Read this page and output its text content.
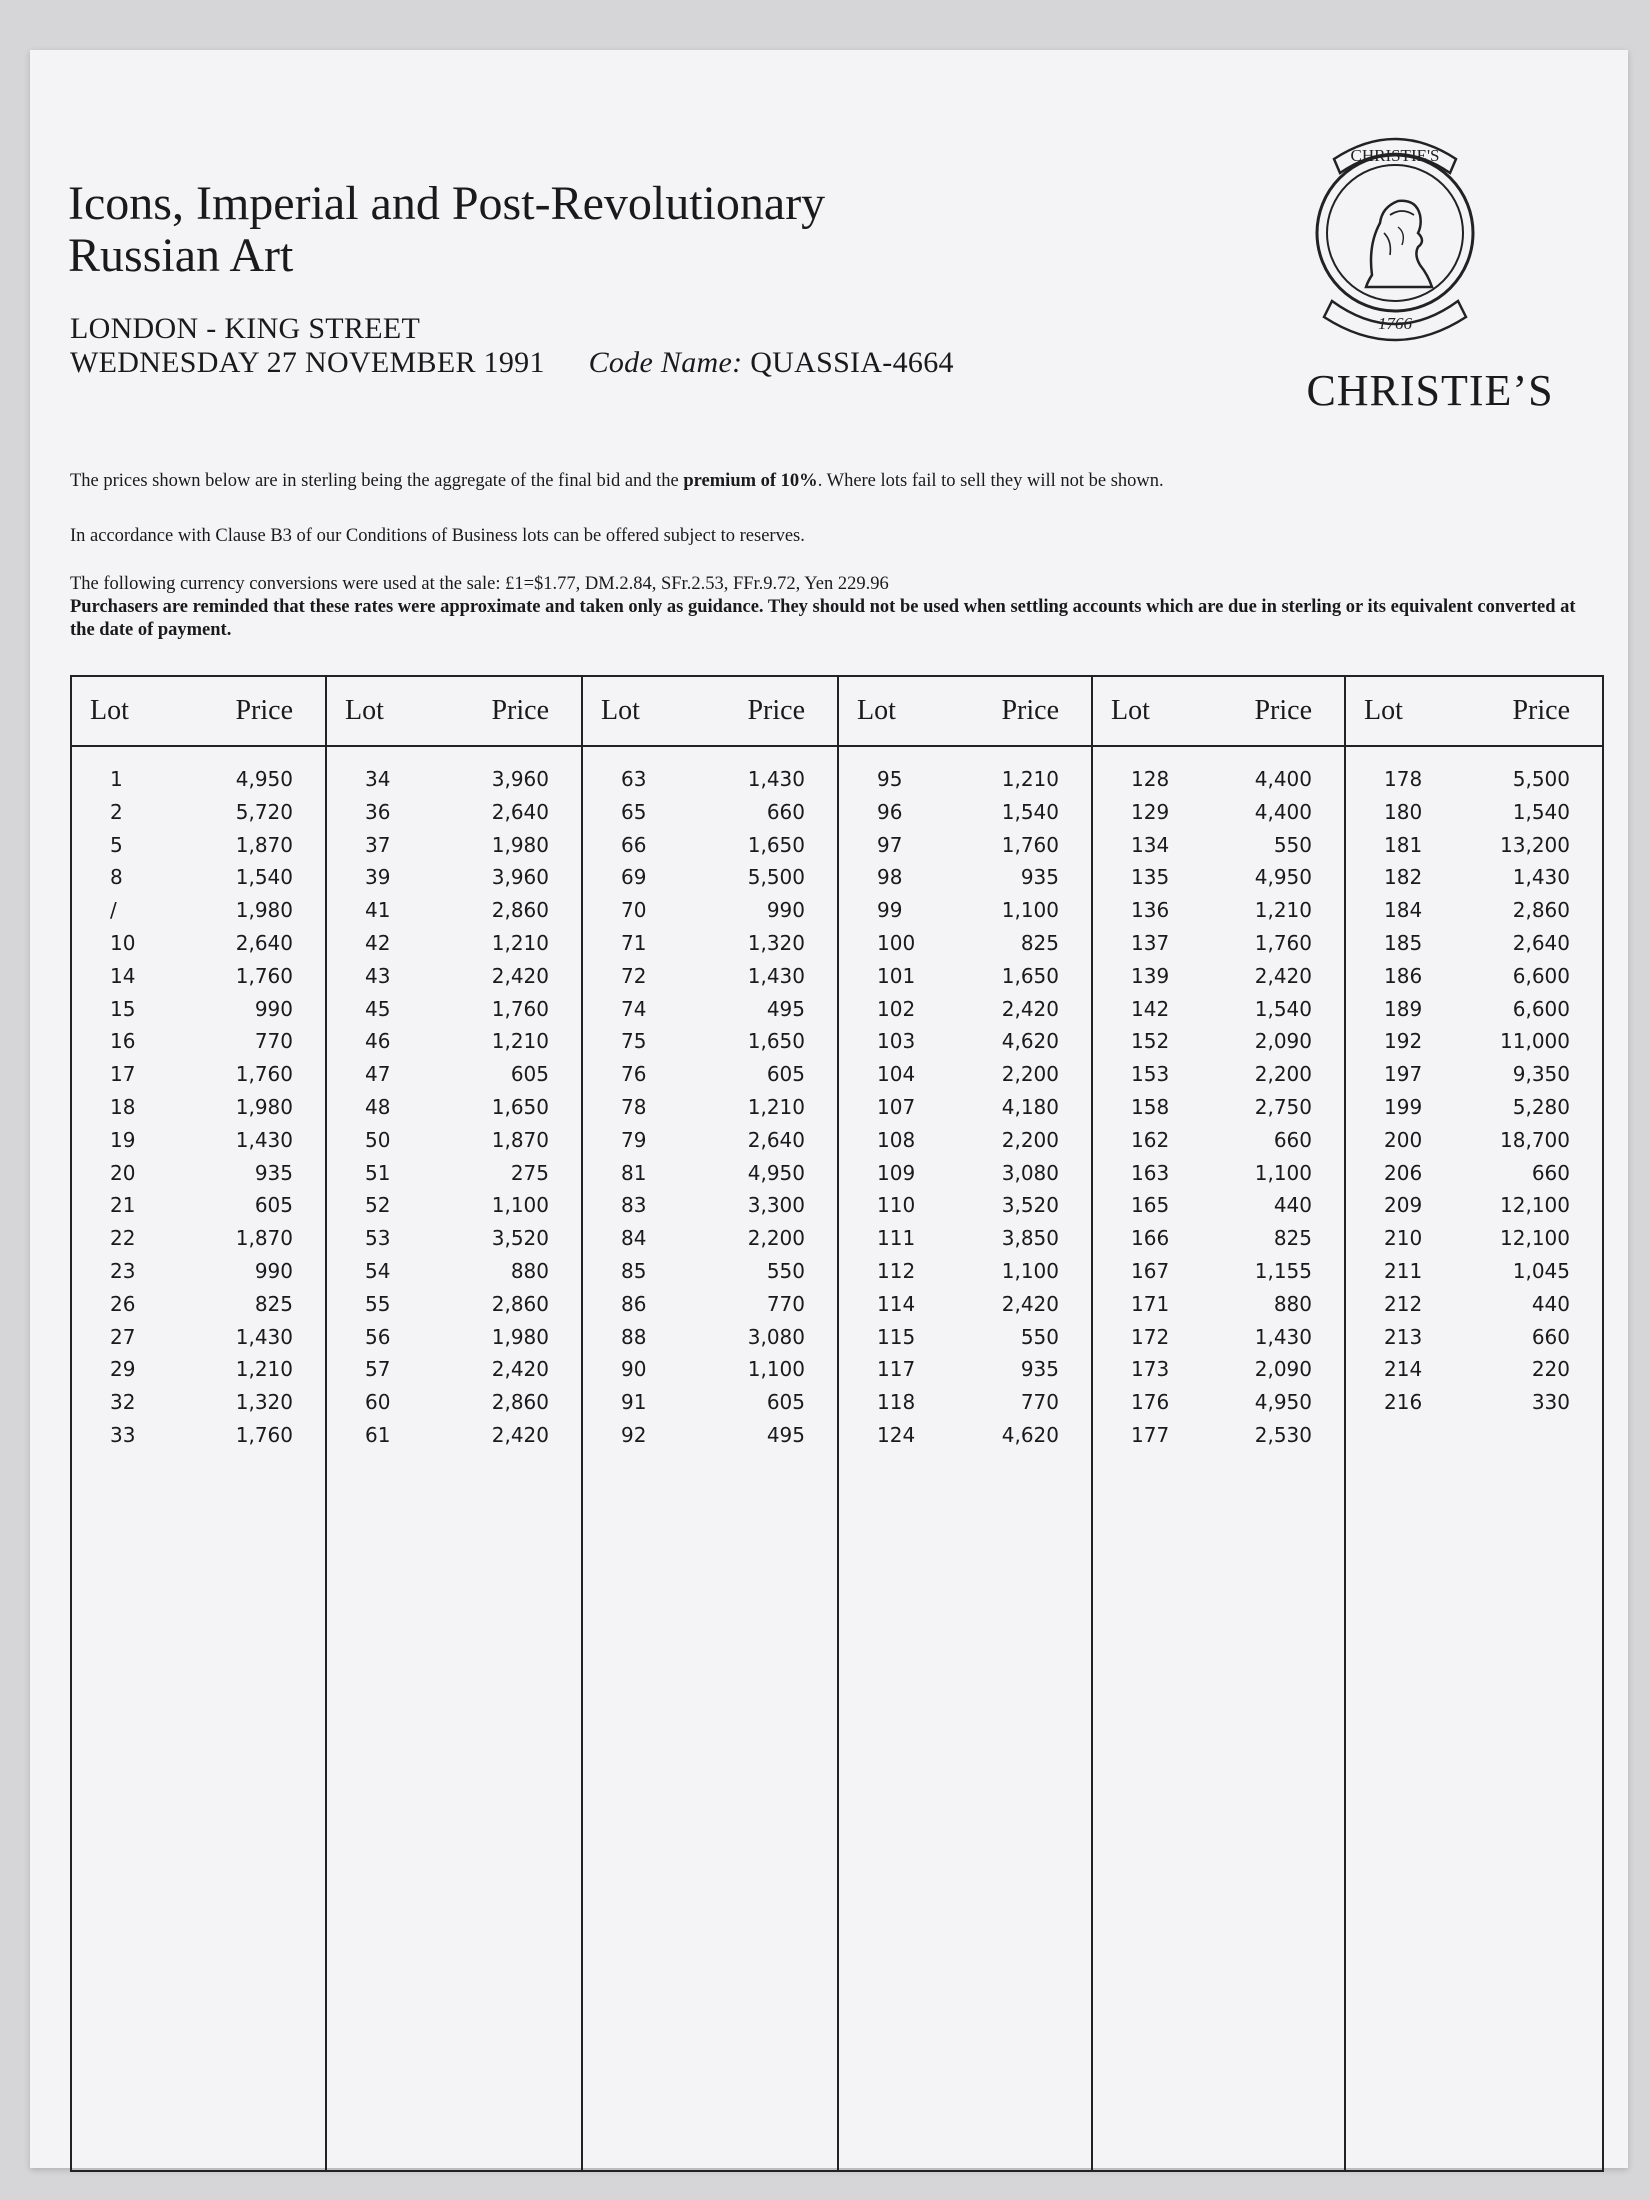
Icons, Imperial and Post-Revolutionary
Russian Art
LONDON - KING STREET
WEDNESDAY 27 NOVEMBER 1991 Code Name: QUASSIA-4664
CHRISTIE'S
1766
CHRISTIE’S

The prices shown below are in sterling being the aggregate of the final bid and the premium of 10%. Where lots fail to sell they will not be shown.

In accordance with Clause B3 of our Conditions of Business lots can be offered subject to reserves.

The following currency conversions were used at the sale: £1=$1.77, DM.2.84, SFr.2.53, FFr.9.72, Yen 229.96

Purchasers are reminded that these rates were approximate and taken only as guidance. They should not be used when settling accounts which are due in sterling or its equivalent converted at the date of payment.

Lot	Price
1	4,950
2	5,720
5	1,870
8	1,540
/	1,980
10	2,640
14	1,760
15	990
16	770
17	1,760
18	1,980
19	1,430
20	935
21	605
22	1,870
23	990
26	825
27	1,430
29	1,210
32	1,320
33	1,760
Lot	Price
34	3,960
36	2,640
37	1,980
39	3,960
41	2,860
42	1,210
43	2,420
45	1,760
46	1,210
47	605
48	1,650
50	1,870
51	275
52	1,100
53	3,520
54	880
55	2,860
56	1,980
57	2,420
60	2,860
61	2,420
Lot	Price
63	1,430
65	660
66	1,650
69	5,500
70	990
71	1,320
72	1,430
74	495
75	1,650
76	605
78	1,210
79	2,640
81	4,950
83	3,300
84	2,200
85	550
86	770
88	3,080
90	1,100
91	605
92	495
Lot	Price
95	1,210
96	1,540
97	1,760
98	935
99	1,100
100	825
101	1,650
102	2,420
103	4,620
104	2,200
107	4,180
108	2,200
109	3,080
110	3,520
111	3,850
112	1,100
114	2,420
115	550
117	935
118	770
124	4,620
Lot	Price
128	4,400
129	4,400
134	550
135	4,950
136	1,210
137	1,760
139	2,420
142	1,540
152	2,090
153	2,200
158	2,750
162	660
163	1,100
165	440
166	825
167	1,155
171	880
172	1,430
173	2,090
176	4,950
177	2,530
Lot	Price
178	5,500
180	1,540
181	13,200
182	1,430
184	2,860
185	2,640
186	6,600
189	6,600
192	11,000
197	9,350
199	5,280
200	18,700
206	660
209	12,100
210	12,100
211	1,045
212	440
213	660
214	220
216	330
